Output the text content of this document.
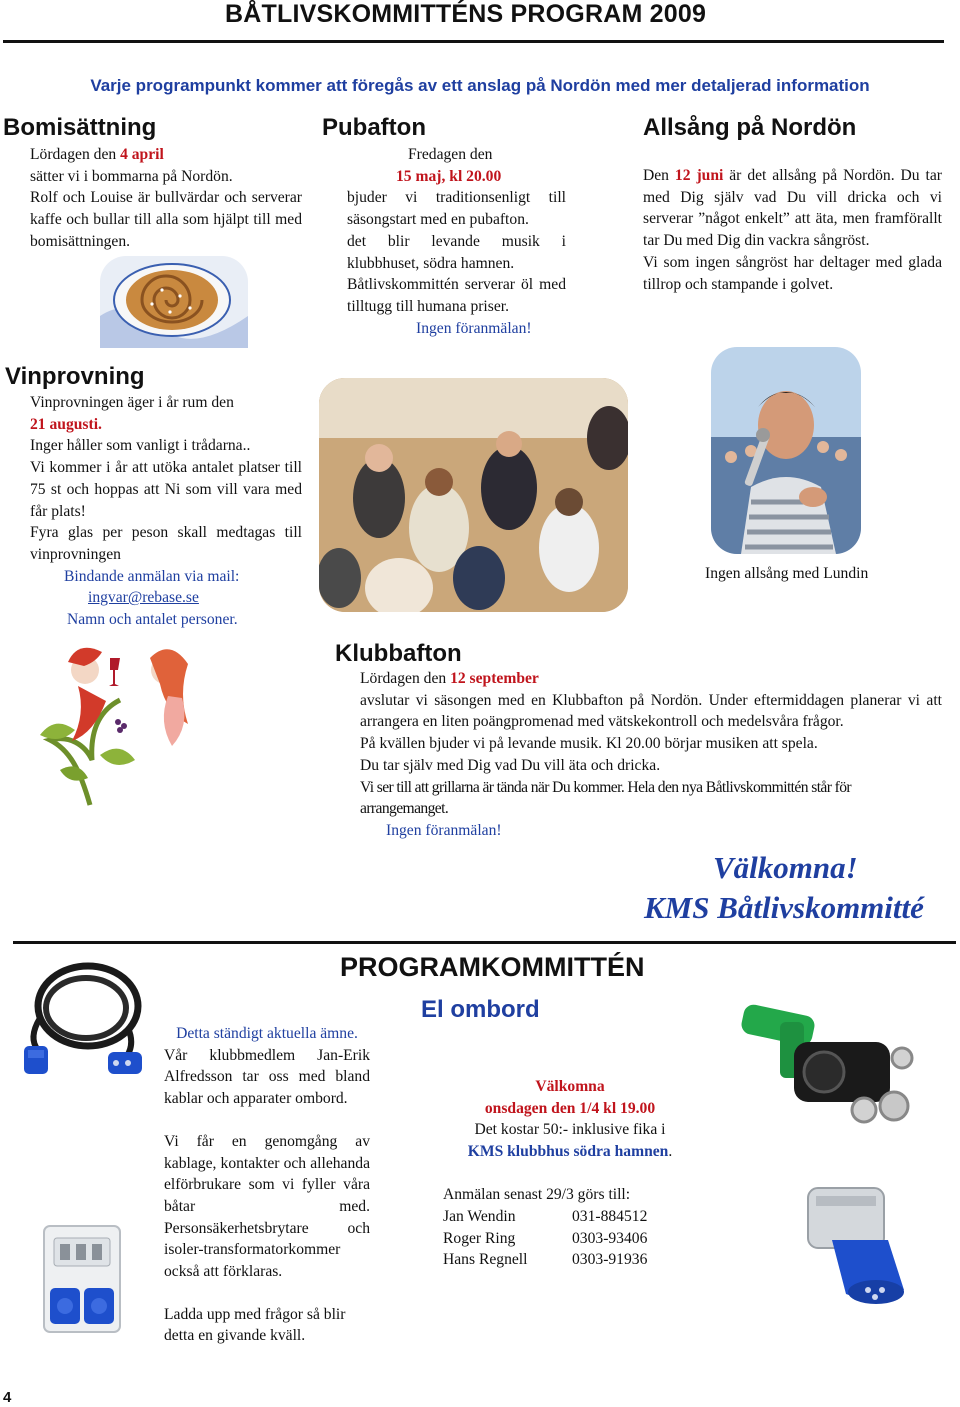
BÅTLIVSKOMMITTÉNS PROGRAM 2009
Varje programpunkt kommer att föregås av ett anslag på Nordön med mer detaljerad information
Bomisättning
Lördagen den 4 april
sätter vi i bommarna på Nordön.
Rolf och Louise är bullvärdar och serverar kaffe och bullar till alla som hjälpt till med bomisättningen.
Vinprovning
Vinprovningen äger i år rum den
21 augusti.
Inger håller som vanligt i trådarna..
Vi kommer i år att utöka antalet platser till 75 st och hoppas att Ni som vill vara med får plats!
Fyra glas per peson skall medtagas till vinprovningen
Bindande anmälan via mail:
ingvar@rebase.se
Namn och antalet personer.
Pubafton
Fredagen den
15 maj, kl 20.00
bjuder vi traditionsenligt till säsongstart med en pubafton.
det blir levande musik i klubbhuset, södra hamnen.
Båtlivskommittén serverar öl med tilltugg till humana priser.
Ingen föranmälan!
Allsång på Nordön
Den 12 juni är det allsång på Nordön. Du tar med Dig själv vad Du vill dricka och vi serverar ”något enkelt” att äta, men framförallt tar Du med Dig din vackra sångröst.
Vi som ingen sångröst har deltager med glada tillrop och stampande i golvet.
Ingen allsång med Lundin
Klubbafton
Lördagen den 12 september
avslutar vi säsongen med en Klubbafton på Nordön. Under eftermiddagen planerar vi att arrangera en liten poängpromenad med vätskekontroll och medelsvåra frågor.
På kvällen bjuder vi på levande musik. Kl 20.00 börjar musiken att spela.
Du tar själv med Dig vad Du vill äta och dricka.
Vi ser till att grillarna är tända när Du kommer. Hela den nya Båtlivskommittén står för arrangemanget.
Ingen föranmälan!
Välkomna!
KMS Båtlivskommitté
PROGRAMKOMMITTÉN
El ombord
Detta ständigt aktuella ämne.
Vår klubbmedlem Jan-Erik Alfredsson tar oss med bland kablar och apparater ombord.
Vi får en genomgång av kablage, kontakter och allehanda elförbrukare som vi fyller våra båtar med. Personsäkerhetsbrytare och isoler-transformatorkommer också att förklaras.
Ladda upp med frågor så blir detta en givande kväll.
Välkomna
onsdagen den 1/4 kl 19.00
Det kostar 50:- inklusive fika i
KMS klubbhus södra hamnen.
Anmälan senast 29/3 görs till:
Jan Wendin	031-884512
Roger Ring	0303-93406
Hans Regnell	0303-91936
4
